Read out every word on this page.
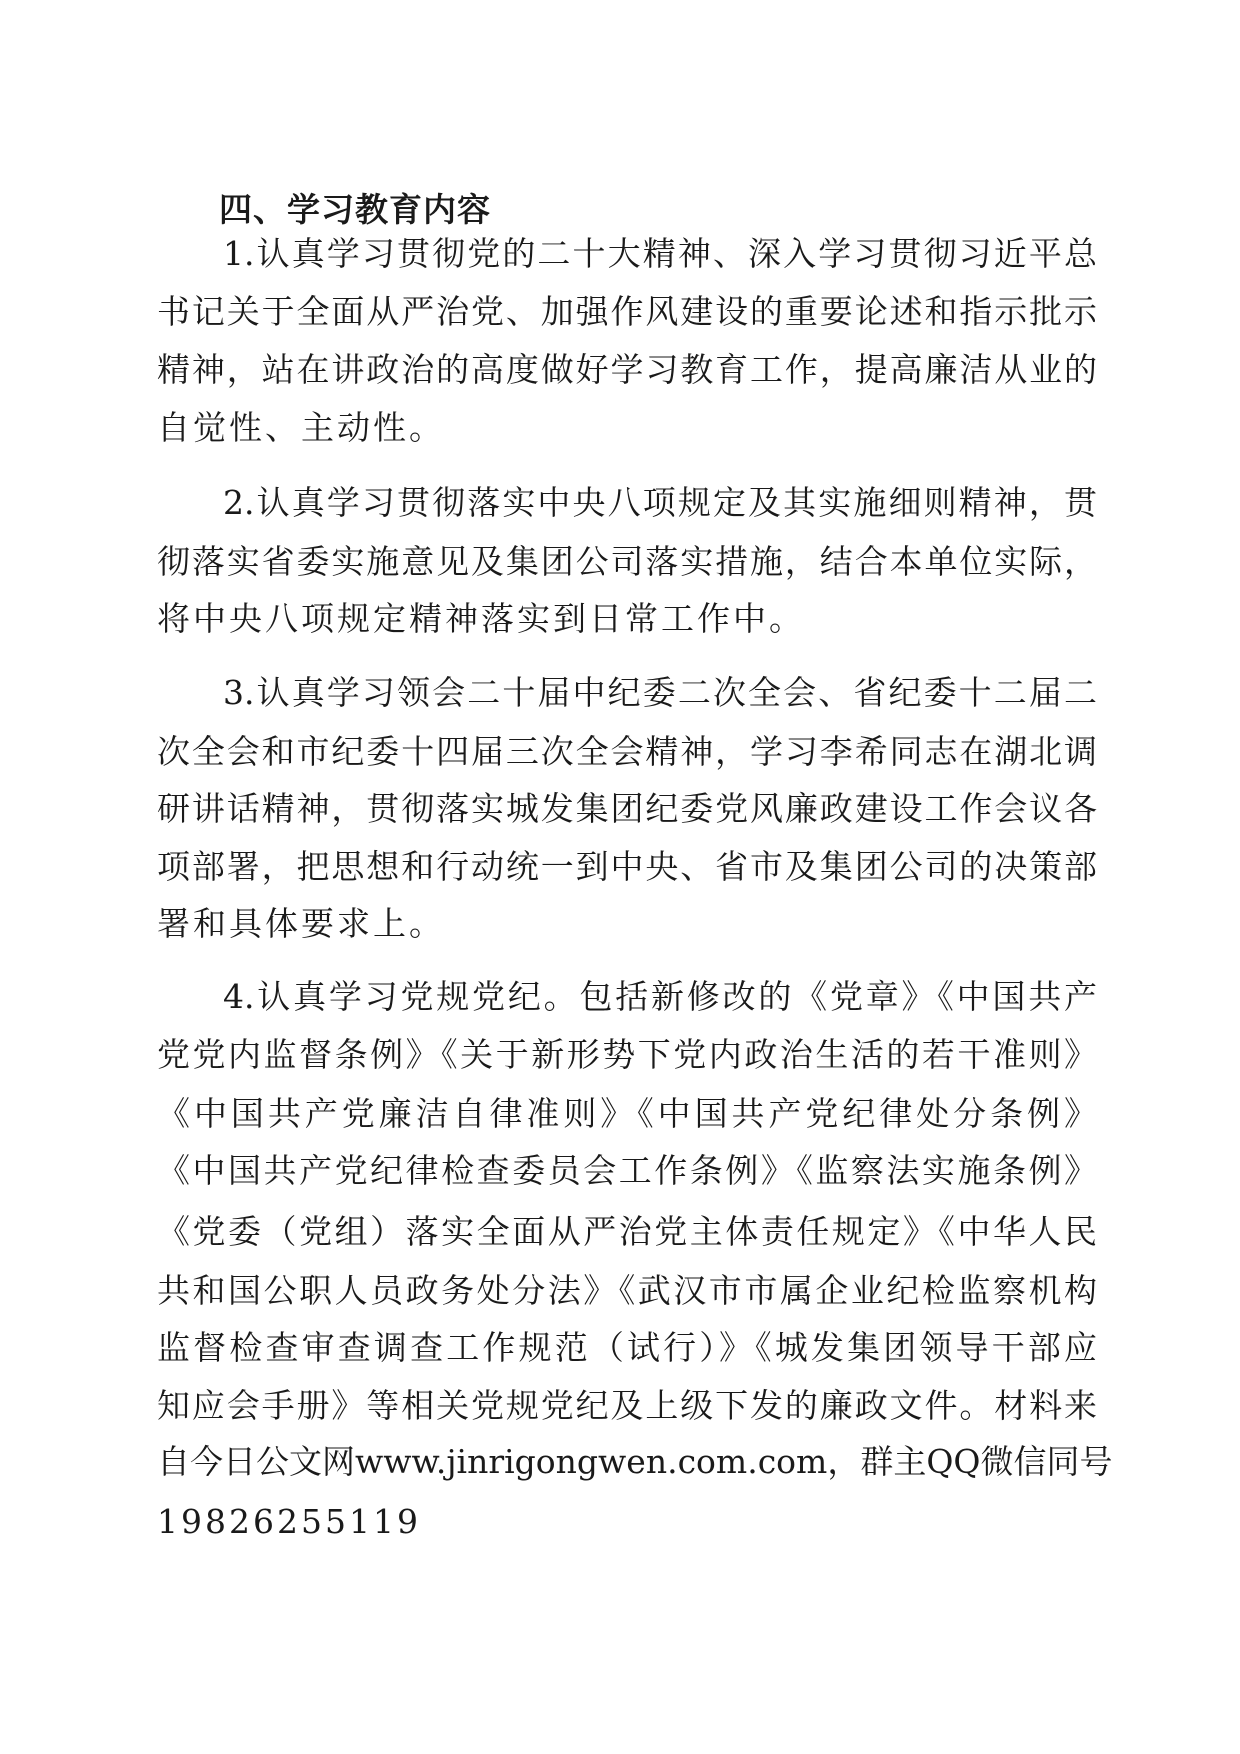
四、学习教育内容

1.认真学习贯彻党的二十大精神、深入学习贯彻习近平总

书记关于全面从严治党、加强作风建设的重要论述和指示批示

精神，站在讲政治的高度做好学习教育工作，提高廉洁从业的

自觉性、主动性。

2.认真学习贯彻落实中央八项规定及其实施细则精神，贯

彻落实省委实施意见及集团公司落实措施，结合本单位实际，

将中央八项规定精神落实到日常工作中。

3.认真学习领会二十届中纪委二次全会、省纪委十二届二

次全会和市纪委十四届三次全会精神，学习李希同志在湖北调

研讲话精神，贯彻落实城发集团纪委党风廉政建设工作会议各

项部署，把思想和行动统一到中央、省市及集团公司的决策部

署和具体要求上。

4.认真学习党规党纪。包括新修改的《党章》《中国共产

党党内监督条例》《关于新形势下党内政治生活的若干准则》

《中国共产党廉洁自律准则》《中国共产党纪律处分条例》

《中国共产党纪律检查委员会工作条例》《监察法实施条例》

《党委（党组）落实全面从严治党主体责任规定》《中华人民

共和国公职人员政务处分法》《武汉市市属企业纪检监察机构

监督检查审查调查工作规范（试行）》《城发集团领导干部应

知应会手册》等相关党规党纪及上级下发的廉政文件。材料来

自今日公文网www.jinrigongwen.com.com，群主QQ微信同号

19826255119
